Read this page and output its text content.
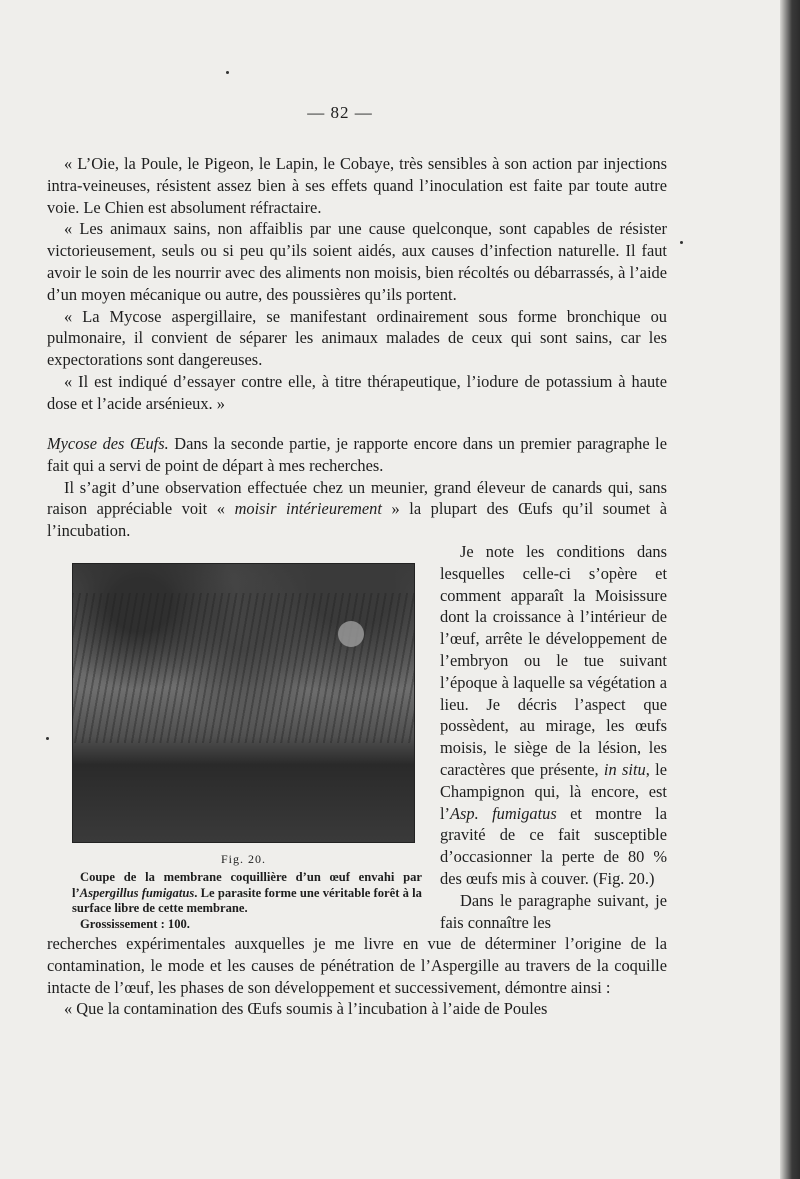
— 82 —

« L’Oie, la Poule, le Pigeon, le Lapin, le Cobaye, très sensibles à son action par injections intra-veineuses, résistent assez bien à ses effets quand l’inoculation est faite par toute autre voie. Le Chien est absolument réfractaire.

« Les animaux sains, non affaiblis par une cause quelconque, sont capables de résister victorieusement, seuls ou si peu qu’ils soient aidés, aux causes d’infection naturelle. Il faut avoir le soin de les nourrir avec des aliments non moisis, bien récoltés ou débarrassés, à l’aide d’un moyen mécanique ou autre, des poussières qu’ils portent.

« La Mycose aspergillaire, se manifestant ordinairement sous forme bronchique ou pulmonaire, il convient de séparer les animaux malades de ceux qui sont sains, car les expectorations sont dangereuses.

« Il est indiqué d’essayer contre elle, à titre thérapeutique, l’iodure de potassium à haute dose et l’acide arsénieux. »

Mycose des Œufs. Dans la seconde partie, je rapporte encore dans un premier paragraphe le fait qui a servi de point de départ à mes recherches.

Il s’agit d’une observation effectuée chez un meunier, grand éleveur de canards qui, sans raison appréciable voit « moisir intérieurement » la plupart des Œufs qu’il soumet à l’incubation.

Fig. 20.
Coupe de la membrane coquillière d’un œuf envahi par l’Aspergillus fumigatus. Le parasite forme une véritable forêt à la surface libre de cette membrane.
Grossissement : 100.

Je note les conditions dans lesquelles celle-ci s’opère et comment apparaît la Moisissure dont la croissance à l’intérieur de l’œuf, arrête le développement de l’embryon ou le tue suivant l’époque à laquelle sa végétation a lieu. Je décris l’aspect que possèdent, au mirage, les œufs moisis, le siège de la lésion, les caractères que présente, in situ, le Champignon qui, là encore, est l’Asp. fumigatus et montre la gravité de ce fait susceptible d’occasionner la perte de 80 % des œufs mis à couver. (Fig. 20.)

Dans le paragraphe suivant, je fais connaître les

recherches expérimentales auxquelles je me livre en vue de déterminer l’origine de la contamination, le mode et les causes de pénétration de l’Aspergille au travers de la coquille intacte de l’œuf, les phases de son développement et successivement, démontre ainsi :

« Que la contamination des Œufs soumis à l’incubation à l’aide de Poules
